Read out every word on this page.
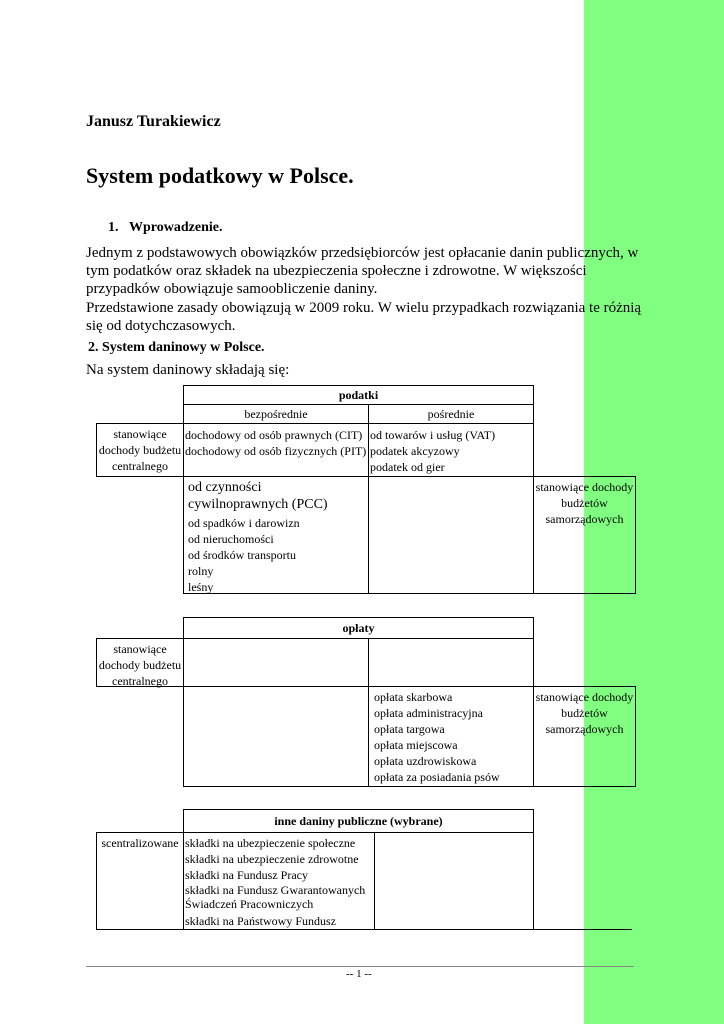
Janusz Turakiewicz
System podatkowy w Polsce.
1. Wprowadzenie.
Jednym z podstawowych obowiązków przedsiębiorców jest opłacanie danin publicznych, w tym podatków oraz składek na ubezpieczenia społeczne i zdrowotne. W większości przypadków obowiązuje samoobliczenie daniny.
Przedstawione zasady obowiązują w 2009 roku. W wielu przypadkach rozwiązania te różnią się od dotychczasowych.
2. System daninowy w Polsce.
Na system daninowy składają się:
podatki
bezpośrednie	pośrednie
stanowiące dochody budżetu centralnego
dochodowy od osób prawnych (CIT)
dochodowy od osób fizycznych (PIT)
od towarów i usług (VAT)
podatek akcyzowy
podatek od gier
od czynności cywilnoprawnych (PCC)
od spadków i darowizn
od nieruchomości
od środków transportu
rolny
leśny
stanowiące dochody budżetów samorządowych
opłaty
stanowiące dochody budżetu centralnego
opłata skarbowa
opłata administracyjna
opłata targowa
opłata miejscowa
opłata uzdrowiskowa
opłata za posiadania psów
stanowiące dochody budżetów samorządowych
inne daniny publiczne (wybrane)
scentralizowane składki na ubezpieczenie społeczne
składki na ubezpieczenie zdrowotne
składki na Fundusz Pracy
składki na Fundusz Gwarantowanych Świadczeń Pracowniczych
składki na Państwowy Fundusz
-- 1 --
